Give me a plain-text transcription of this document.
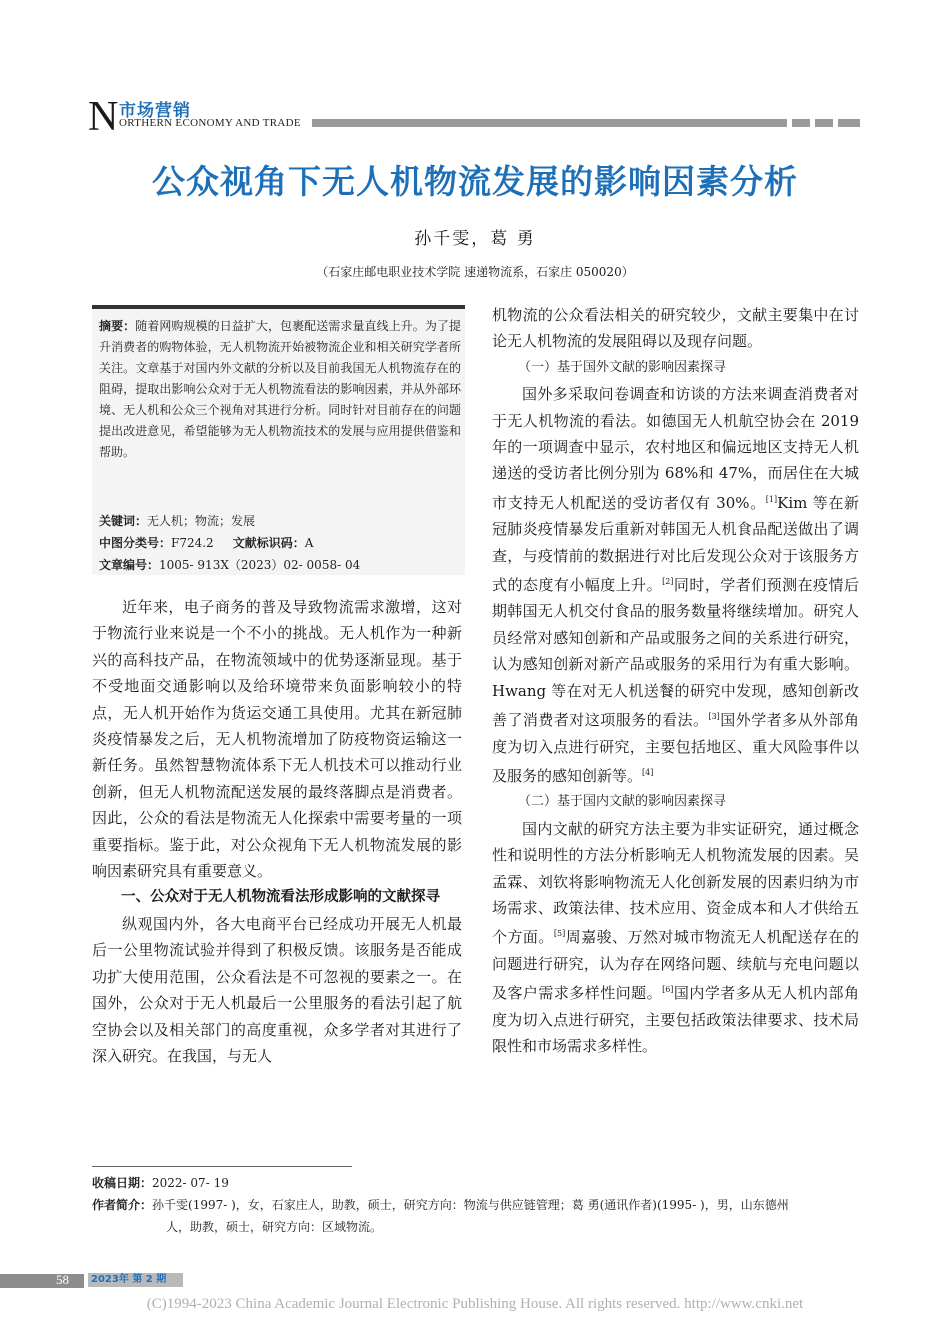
N 市场营销
ORTHERN ECONOMY AND TRADE
公众视角下无人机物流发展的影响因素分析
孙千雯，葛 勇
（石家庄邮电职业技术学院 速递物流系，石家庄 050020）
摘要：随着网购规模的日益扩大，包裹配送需求量直线上升。为了提升消费者的购物体验，无人机物流开始被物流企业和相关研究学者所关注。文章基于对国内外文献的分析以及目前我国无人机物流存在的阻碍，提取出影响公众对于无人机物流看法的影响因素，并从外部环境、无人机和公众三个视角对其进行分析。同时针对目前存在的问题提出改进意见，希望能够为无人机物流技术的发展与应用提供借鉴和帮助。
关键词：无人机；物流；发展
中图分类号：F724.2 文献标识码：A
文章编号：1005- 913X（2023）02- 0058- 04

近年来，电子商务的普及导致物流需求激增，这对于物流行业来说是一个不小的挑战。无人机作为一种新兴的高科技产品，在物流领域中的优势逐渐显现。基于不受地面交通影响以及给环境带来负面影响较小的特点，无人机开始作为货运交通工具使用。尤其在新冠肺炎疫情暴发之后，无人机物流增加了防疫物资运输这一新任务。虽然智慧物流体系下无人机技术可以推动行业创新，但无人机物流配送发展的最终落脚点是消费者。因此，公众的看法是物流无人化探索中需要考量的一项重要指标。鉴于此，对公众视角下无人机物流发展的影响因素研究具有重要意义。

一、公众对于无人机物流看法形成影响的文献探寻

纵观国内外，各大电商平台已经成功开展无人机最后一公里物流试验并得到了积极反馈。该服务是否能成功扩大使用范围，公众看法是不可忽视的要素之一。在国外，公众对于无人机最后一公里服务的看法引起了航空协会以及相关部门的高度重视，众多学者对其进行了深入研究。在我国，与无人

机物流的公众看法相关的研究较少，文献主要集中在讨论无人机物流的发展阻碍以及现存问题。

（一）基于国外文献的影响因素探寻

国外多采取问卷调查和访谈的方法来调查消费者对于无人机物流的看法。如德国无人机航空协会在 2019 年的一项调查中显示，农村地区和偏远地区支持无人机递送的受访者比例分别为 68%和 47%，而居住在大城市支持无人机配送的受访者仅有 30%。[1]Kim 等在新冠肺炎疫情暴发后重新对韩国无人机食品配送做出了调查，与疫情前的数据进行对比后发现公众对于该服务方式的态度有小幅度上升。[2]同时，学者们预测在疫情后期韩国无人机交付食品的服务数量将继续增加。研究人员经常对感知创新和产品或服务之间的关系进行研究，认为感知创新对新产品或服务的采用行为有重大影响。Hwang 等在对无人机送餐的研究中发现，感知创新改善了消费者对这项服务的看法。[3]国外学者多从外部角度为切入点进行研究，主要包括地区、重大风险事件以及服务的感知创新等。[4]

（二）基于国内文献的影响因素探寻

国内文献的研究方法主要为非实证研究，通过概念性和说明性的方法分析影响无人机物流发展的因素。吴孟霖、刘钦将影响物流无人化创新发展的因素归纳为市场需求、政策法律、技术应用、资金成本和人才供给五个方面。[5]周嘉骏、万然对城市物流无人机配送存在的问题进行研究，认为存在网络问题、续航与充电问题以及客户需求多样性问题。[6]国内学者多从无人机内部角度为切入点进行研究，主要包括政策法律要求、技术局限性和市场需求多样性。

收稿日期：2022- 07- 19
作者简介：孙千雯(1997- )，女，石家庄人，助教，硕士，研究方向：物流与供应链管理；葛 勇(通讯作者)(1995- )，男，山东德州
人，助教，硕士，研究方向：区域物流。
58	2023年 第 2 期
(C)1994-2023 China Academic Journal Electronic Publishing House. All rights reserved. http://www.cnki.net
